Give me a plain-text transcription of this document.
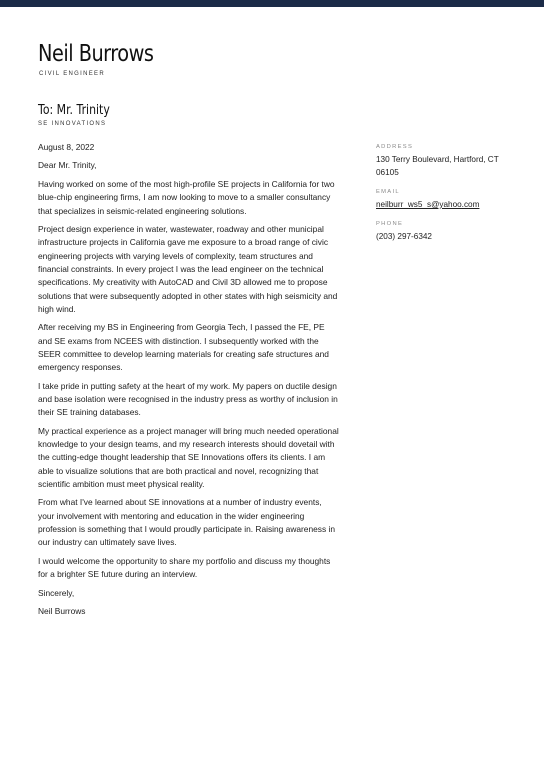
Neil Burrows
CIVIL ENGINEER
To: Mr. Trinity
SE INNOVATIONS

August 8, 2022

Dear Mr. Trinity,

Having worked on some of the most high-profile SE projects in California for two blue-chip engineering firms, I am now looking to move to a smaller consultancy that specializes in seismic-related engineering solutions.

Project design experience in water, wastewater, roadway and other municipal infrastructure projects in California gave me exposure to a broad range of civic engineering projects with varying levels of complexity, team structures and financial constraints. In every project I was the lead engineer on the technical specifications. My creativity with AutoCAD and Civil 3D allowed me to propose solutions that were subsequently adopted in other states with high seismicity and high wind.

After receiving my BS in Engineering from Georgia Tech, I passed the FE, PE and SE exams from NCEES with distinction. I subsequently worked with the SEER committee to develop learning materials for creating safe structures and emergency responses.

I take pride in putting safety at the heart of my work. My papers on ductile design and base isolation were recognised in the industry press as worthy of inclusion in their SE training databases.

My practical experience as a project manager will bring much needed operational knowledge to your design teams, and my research interests should dovetail with the cutting-edge thought leadership that SE Innovations offers its clients. I am able to visualize solutions that are both practical and novel, recognizing that scientific ambition must meet physical reality.

From what I've learned about SE innovations at a number of industry events, your involvement with mentoring and education in the wider engineering profession is something that I would proudly participate in. Raising awareness in our industry can ultimately save lives.

I would welcome the opportunity to share my portfolio and discuss my thoughts for a brighter SE future during an interview.

Sincerely,

Neil Burrows

ADDRESS
130 Terry Boulevard, Hartford, CT 06105
EMAIL
neilburr_ws5_s@yahoo.com
PHONE
(203) 297-6342
